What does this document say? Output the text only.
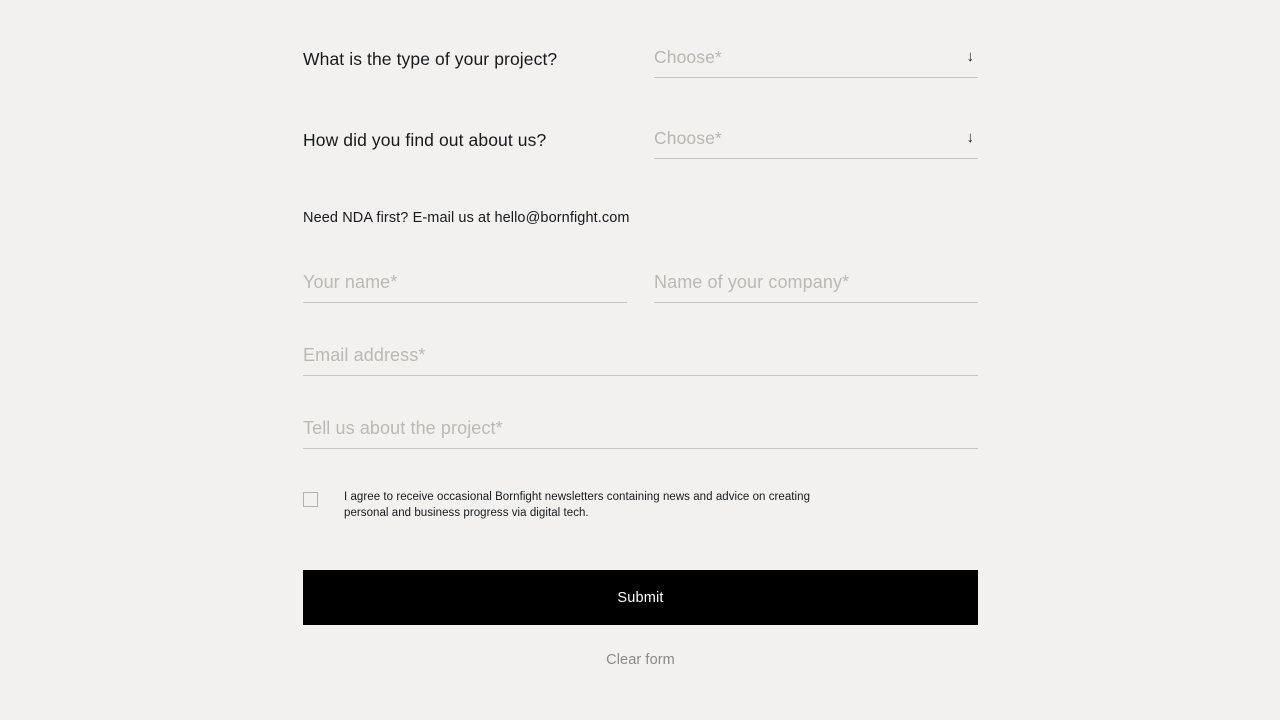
What is the type of your project?	Choose*	↓
How did you find out about us?	Choose*	↓
Need NDA first? E-mail us at hello@bornfight.com
Your name*
Name of your company*
Email address*
Tell us about the project*
I agree to receive occasional Bornfight newsletters containing news and advice on creating personal and business progress via digital tech.
Submit
Clear form
